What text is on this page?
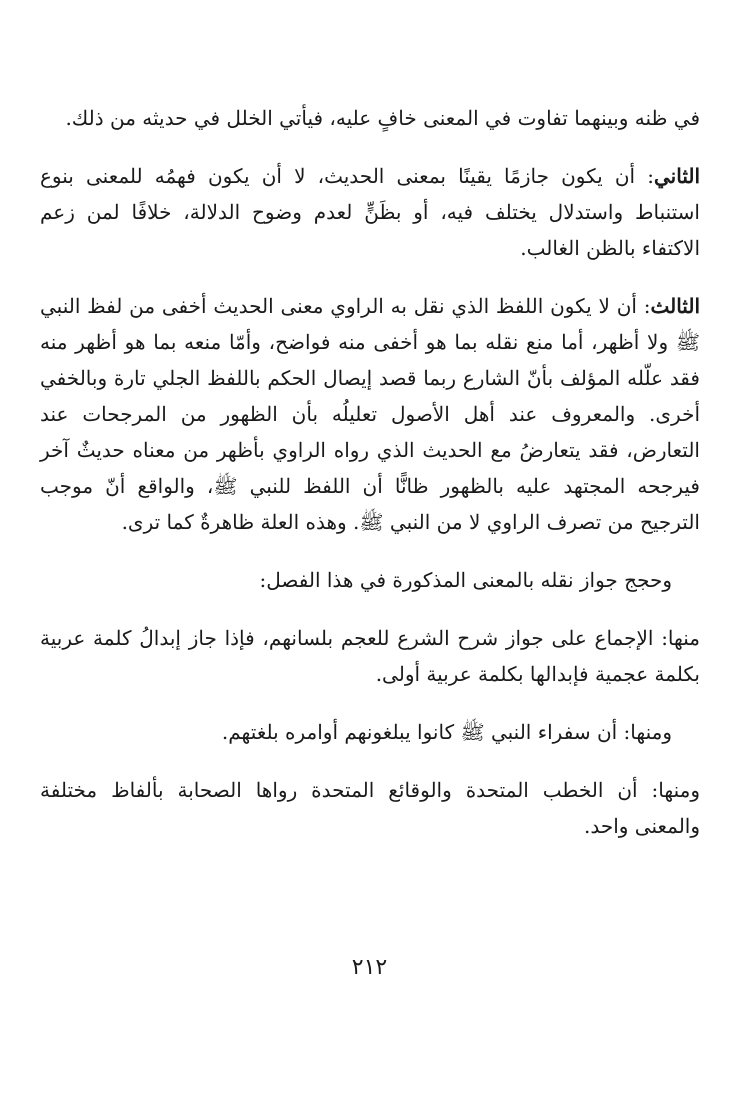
في ظنه وبينهما تفاوت في المعنى خافٍ عليه، فيأتي الخلل في حديثه من ذلك.

الثاني: أن يكون جازمًا يقينًا بمعنى الحديث، لا أن يكون فهمُه للمعنى بنوع استنباط واستدلال يختلف فيه، أو بظَنٍّ لعدم وضوح الدلالة، خلافًا لمن زعم الاكتفاء بالظن الغالب.

الثالث: أن لا يكون اللفظ الذي نقل به الراوي معنى الحديث أخفى من لفظ النبي ﷺ ولا أظهر، أما منع نقله بما هو أخفى منه فواضح، وأمّا منعه بما هو أظهر منه فقد علّله المؤلف بأنّ الشارع ربما قصد إيصال الحكم باللفظ الجلي تارة وبالخفي أخرى. والمعروف عند أهل الأصول تعليلُه بأن الظهور من المرجحات عند التعارض، فقد يتعارضُ مع الحديث الذي رواه الراوي بأظهر من معناه حديثٌ آخر فيرجحه المجتهد عليه بالظهور ظانًّا أن اللفظ للنبي ﷺ، والواقع أنّ موجب الترجيح من تصرف الراوي لا من النبي ﷺ. وهذه العلة ظاهرةٌ كما ترى.

وحجج جواز نقله بالمعنى المذكورة في هذا الفصل:

منها: الإجماع على جواز شرح الشرع للعجم بلسانهم، فإذا جاز إبدالُ كلمة عربية بكلمة عجمية فإبدالها بكلمة عربية أولى.

ومنها: أن سفراء النبي ﷺ كانوا يبلغونهم أوامره بلغتهم.

ومنها: أن الخطب المتحدة والوقائع المتحدة رواها الصحابة بألفاظ مختلفة والمعنى واحد.

٢١٢
